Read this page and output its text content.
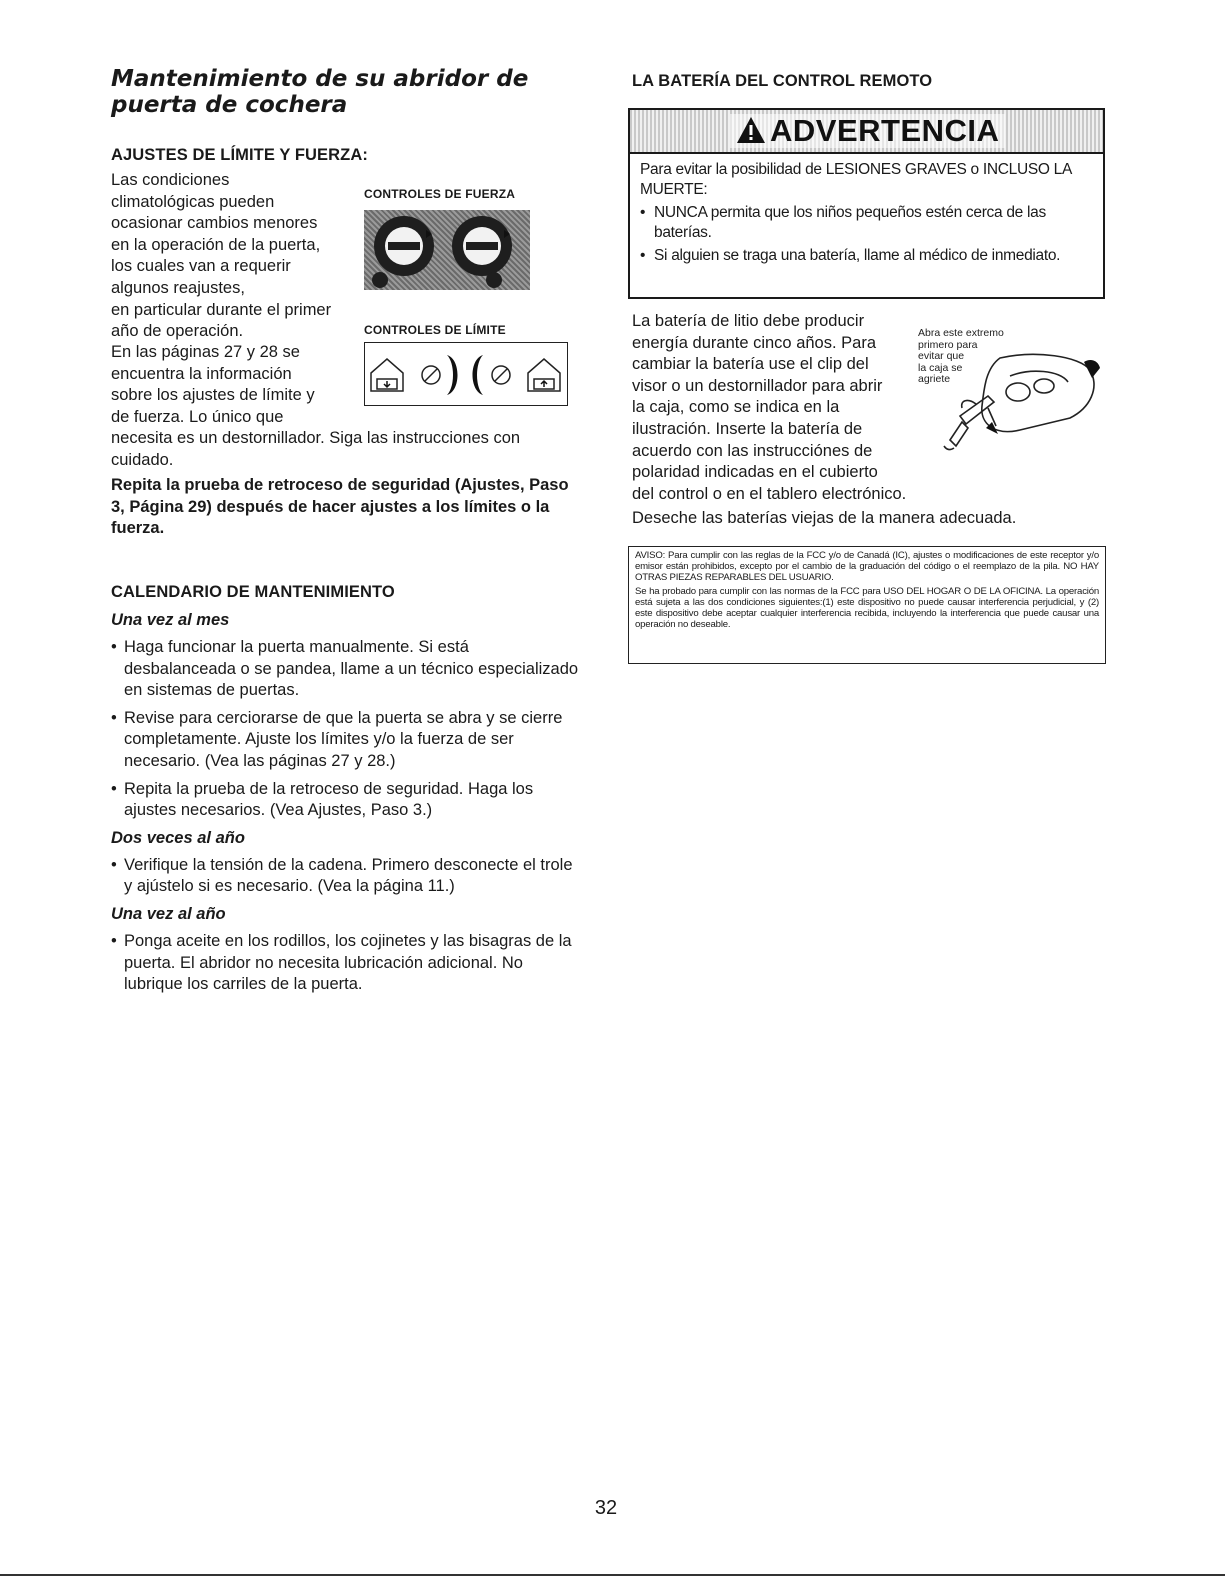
Mantenimiento de su abridor de puerta de cochera
AJUSTES DE LÍMITE Y FUERZA:

Las condiciones

climatológicas pueden

ocasionar cambios menores

en la operación de la puerta,

los cuales van a requerir

algunos reajustes,

en particular durante el primer

año de operación.

CONTROLES DE FUERZA

CONTROLES DE LÍMITE

En las páginas 27 y 28 se

encuentra la información

sobre los ajustes de límite y

de fuerza. Lo único que

necesita es un destornillador. Siga las instrucciones con cuidado.

Repita la prueba de retroceso de seguridad (Ajustes, Paso 3, Página 29) después de hacer ajustes a los límites o la fuerza.

CALENDARIO DE MANTENIMIENTO

Una vez al mes

• Haga funcionar la puerta manualmente. Si está desbalanceada o se pandea, llame a un técnico especializado en sistemas de puertas.

• Revise para cerciorarse de que la puerta se abra y se cierre completamente. Ajuste los límites y/o la fuerza de ser necesario. (Vea las páginas 27 y 28.)

• Repita la prueba de la retroceso de seguridad. Haga los ajustes necesarios. (Vea Ajustes, Paso 3.)

Dos veces al año

• Verifique la tensión de la cadena. Primero desconecte el trole y ajústelo si es necesario. (Vea la página 11.)

Una vez al año

• Ponga aceite en los rodillos, los cojinetes y las bisagras de la puerta. El abridor no necesita lubricación adicional. No lubrique los carriles de la puerta.

LA BATERÍA DEL CONTROL REMOTO
ADVERTENCIA

Para evitar la posibilidad de LESIONES GRAVES o INCLUSO LA MUERTE:

• NUNCA permita que los niños pequeños estén cerca de las baterías.

• Si alguien se traga una batería, llame al médico de inmediato.

La batería de litio debe producir

energía durante cinco años. Para

cambiar la batería use el clip del

visor o un destornillador para abrir

la caja, como se indica en la

ilustración. Inserte la batería de

acuerdo con las instrucciónes de

polaridad indicadas en el cubierto

del control o en el tablero electrónico.

Deseche las baterías viejas de la manera adecuada.

Abra este extremo
primero para
evitar que
la caja se
agriete

AVISO: Para cumplir con las reglas de la FCC y/o de Canadá (IC), ajustes o modificaciones de este receptor y/o emisor están prohibidos, excepto por el cambio de la graduación del código o el reemplazo de la pila. NO HAY OTRAS PIEZAS REPARABLES DEL USUARIO.

Se ha probado para cumplir con las normas de la FCC para USO DEL HOGAR O DE LA OFICINA. La operación está sujeta a las dos condiciones siguientes:(1) este dispositivo no puede causar interferencia perjudicial, y (2) este dispositivo debe aceptar cualquier interferencia recibida, incluyendo la interferencia que puede causar una operación no deseable.

32
